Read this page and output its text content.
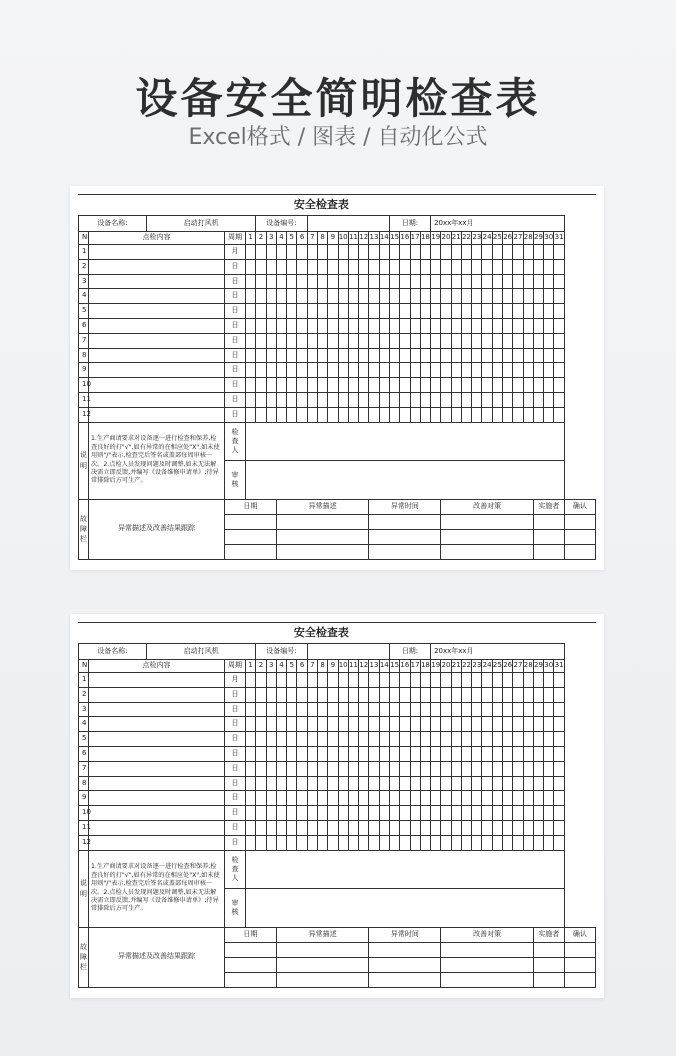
设备安全简明检查表

Excel格式 / 图表 / 自动化公式

安全检查表																																			
设备名称:		启动打风机			设备编号:													日期:				20xx年xx月													
N	点检内容		周期	1	2	3	4	5	6	7	8	9	10	11	12	13	14	15	16	17	18	19	20	21	22	23	24	25	26	27	28	29	30	31	
1			月																																
2			日																																
3			日																																
4			日																																
5			日																																
6			日																																
7			日																																
8			日																																
9			日																																
10			日																																
11			日																																
12			日																																

说明	1.生产商请要求对设备逐一进行检查和保养,检查良好的打"√",如有异常的在相应处"X",如未使用则"/"表示,检查完后签名或盖部每周审核一次。2.点检人员发现问题及时调整,如未无法解决需立即反馈,并编写《设备维修申请单》;待异常排除后方可生产。		检查人																																

			审核																																

故障栏	异常描述及改善结果跟踪		日期				异常描述									异常时间							改善对策									实施者			确认

安全检查表																																			
设备名称:		启动打风机			设备编号:													日期:				20xx年xx月													
N	点检内容		周期	1	2	3	4	5	6	7	8	9	10	11	12	13	14	15	16	17	18	19	20	21	22	23	24	25	26	27	28	29	30	31	
1			月																																
2			日																																
3			日																																
4			日																																
5			日																																
6			日																																
7			日																																
8			日																																
9			日																																
10			日																																
11			日																																
12			日																																

说明	1.生产商请要求对设备逐一进行检查和保养,检查良好的打"√",如有异常的在相应处"X",如未使用则"/"表示,检查完后签名或盖部每周审核一次。2.点检人员发现问题及时调整,如未无法解决需立即反馈,并编写《设备维修申请单》;待异常排除后方可生产。		检查人																																

			审核																																

故障栏	异常描述及改善结果跟踪		日期				异常描述									异常时间							改善对策									实施者			确认
